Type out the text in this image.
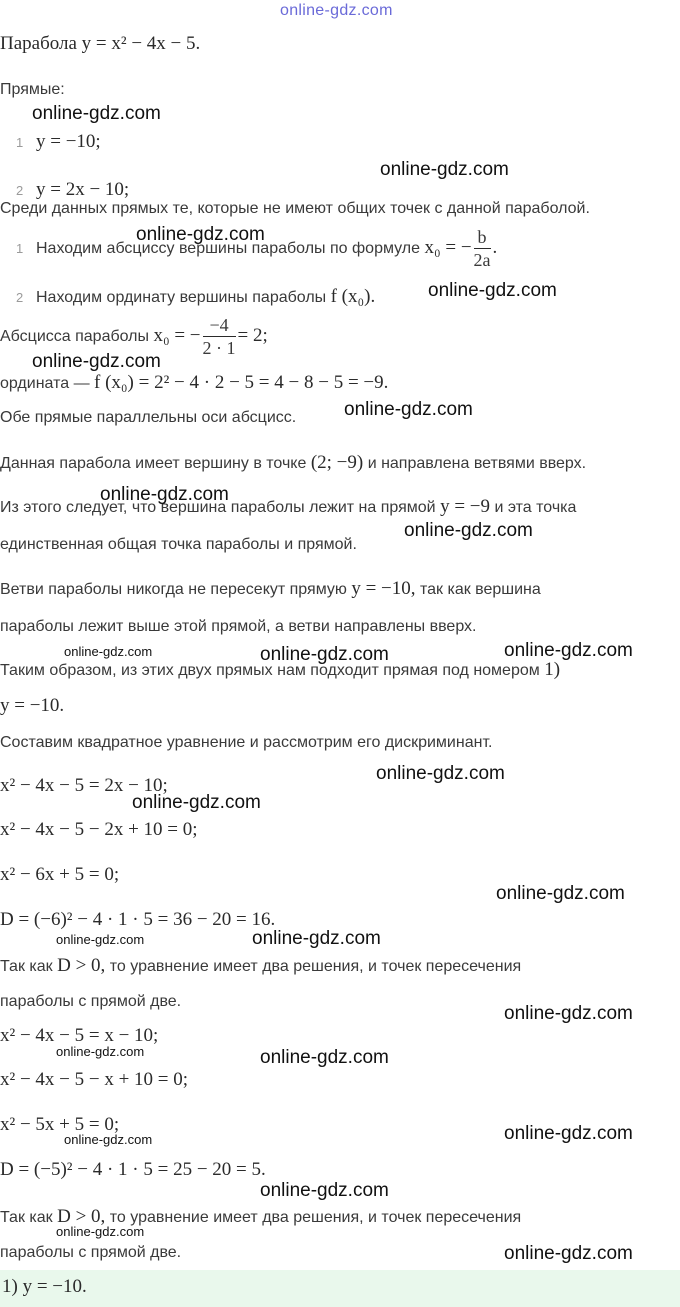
Парабола y = x² − 4x − 5.
Прямые:
1 y = −10;
2 y = 2x − 10;
Среди данных прямых те, которые не имеют общих точек с данной параболой.
1 Находим абсциссу вершины параболы по формуле x₀ = − $\frac{b}{2a}$ .
2 Находим ординату вершины параболы f (x₀).
Абсцисса параболы x₀ = − $\frac{-4}{2 \cdot 1} = 2$;
ордината — f (x₀) = 2² − 4 · 2 − 5 = 4 − 8 − 5 = −9.
Обе прямые параллельны оси абсцисс.
Данная парабола имеет вершину в точке (2; −9) и направлена ветвями вверх.
Из этого следует, что вершина параболы лежит на прямой y = −9 и эта точка
единственная общая точка параболы и прямой.
Ветви параболы никогда не пересекут прямую y = −10, так как вершина
параболы лежит выше этой прямой, а ветви направлены вверх.
Таким образом, из этих двух прямых нам подходит прямая под номером 1)
y = −10.
Составим квадратное уравнение и рассмотрим его дискриминант.
x² − 4x − 5 = 2x − 10;
x² − 4x − 5 − 2x + 10 = 0;
x² − 6x + 5 = 0;
D = (−6)² − 4 · 1 · 5 = 36 − 20 = 16.
Так как D > 0, то уравнение имеет два решения, и точек пересечения
параболы с прямой две.
x² − 4x − 5 = x − 10;
x² − 4x − 5 − x + 10 = 0;
x² − 5x + 5 = 0;
D = (−5)² − 4 · 1 · 5 = 25 − 20 = 5.
Так как D > 0, то уравнение имеет два решения, и точек пересечения
параболы с прямой две.
1) y = −10.
online-gdz.com
online-gdz.com
online-gdz.com
online-gdz.com
online-gdz.com
online-gdz.com
online-gdz.com
online-gdz.com
online-gdz.com
online-gdz.com
online-gdz.com	online-gdz.com
online-gdz.com
online-gdz.com
online-gdz.com
online-gdz.com	online-gdz.com
online-gdz.com
online-gdz.com	online-gdz.com
online-gdz.com	online-gdz.com
online-gdz.com
online-gdz.com
online-gdz.com
